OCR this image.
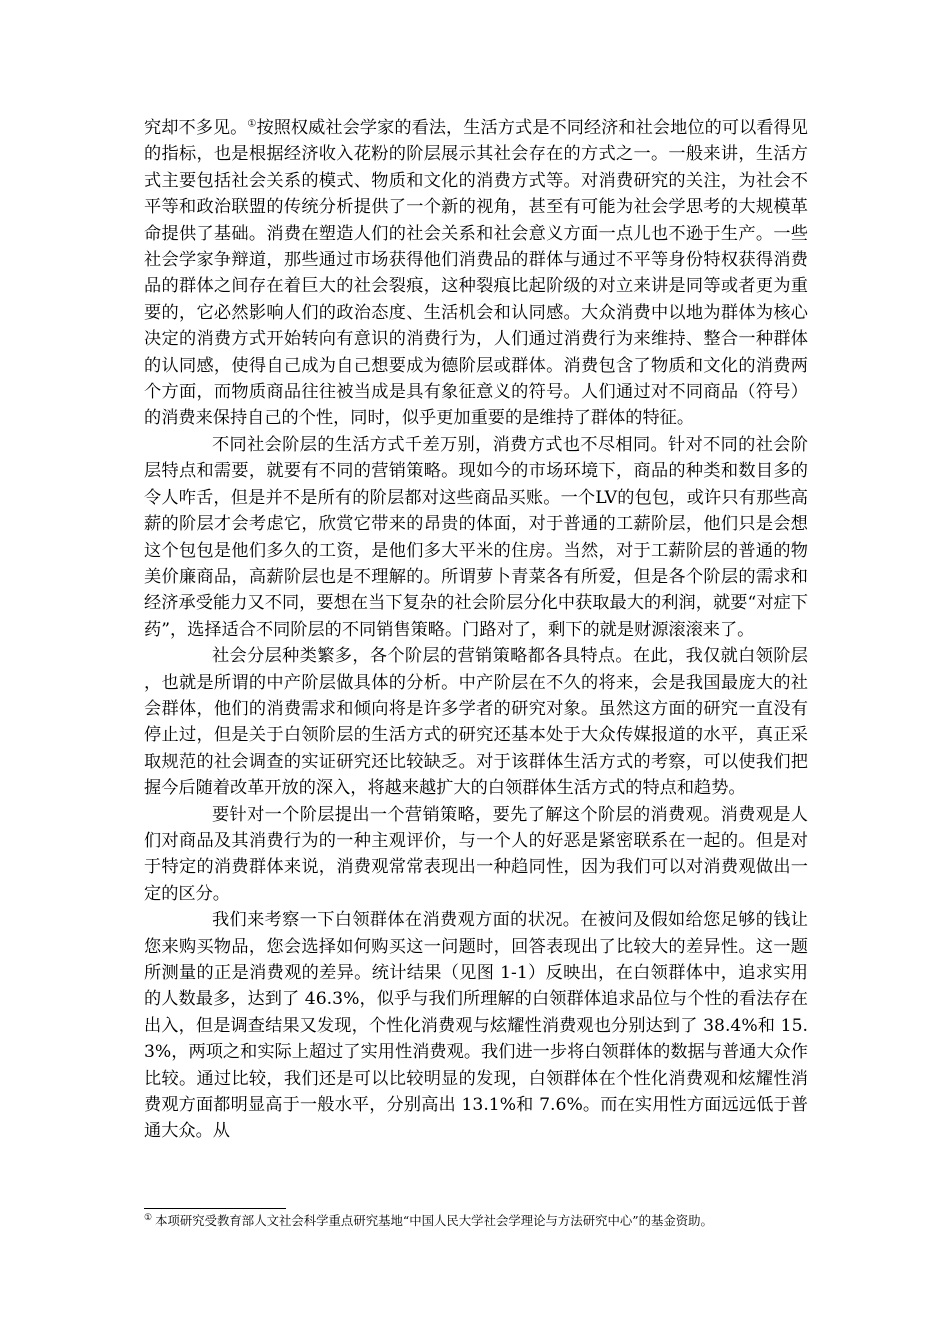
究却不多见。①按照权威社会学家的看法，生活方式是不同经济和社会地位的可以看得见的指标，也是根据经济收入花粉的阶层展示其社会存在的方式之一。一般来讲，生活方式主要包括社会关系的模式、物质和文化的消费方式等。对消费研究的关注，为社会不平等和政治联盟的传统分析提供了一个新的视角，甚至有可能为社会学思考的大规模革命提供了基础。消费在塑造人们的社会关系和社会意义方面一点儿也不逊于生产。一些社会学家争辩道，那些通过市场获得他们消费品的群体与通过不平等身份特权获得消费品的群体之间存在着巨大的社会裂痕，这种裂痕比起阶级的对立来讲是同等或者更为重要的，它必然影响人们的政治态度、生活机会和认同感。大众消费中以地为群体为核心决定的消费方式开始转向有意识的消费行为，人们通过消费行为来维持、整合一种群体的认同感，使得自己成为自己想要成为德阶层或群体。消费包含了物质和文化的消费两个方面，而物质商品往往被当成是具有象征意义的符号。人们通过对不同商品（符号）的消费来保持自己的个性，同时，似乎更加重要的是维持了群体的特征。

不同社会阶层的生活方式千差万别，消费方式也不尽相同。针对不同的社会阶层特点和需要，就要有不同的营销策略。现如今的市场环境下，商品的种类和数目多的令人咋舌，但是并不是所有的阶层都对这些商品买账。一个LV的包包，或许只有那些高薪的阶层才会考虑它，欣赏它带来的昂贵的体面，对于普通的工薪阶层，他们只是会想这个包包是他们多久的工资，是他们多大平米的住房。当然，对于工薪阶层的普通的物美价廉商品，高薪阶层也是不理解的。所谓萝卜青菜各有所爱，但是各个阶层的需求和经济承受能力又不同，要想在当下复杂的社会阶层分化中获取最大的利润，就要“对症下药”，选择适合不同阶层的不同销售策略。门路对了，剩下的就是财源滚滚来了。

社会分层种类繁多，各个阶层的营销策略都各具特点。在此，我仅就白领阶层，也就是所谓的中产阶层做具体的分析。中产阶层在不久的将来，会是我国最庞大的社会群体，他们的消费需求和倾向将是许多学者的研究对象。虽然这方面的研究一直没有停止过，但是关于白领阶层的生活方式的研究还基本处于大众传媒报道的水平，真正采取规范的社会调查的实证研究还比较缺乏。对于该群体生活方式的考察，可以使我们把握今后随着改革开放的深入，将越来越扩大的白领群体生活方式的特点和趋势。

要针对一个阶层提出一个营销策略，要先了解这个阶层的消费观。消费观是人们对商品及其消费行为的一种主观评价，与一个人的好恶是紧密联系在一起的。但是对于特定的消费群体来说，消费观常常表现出一种趋同性，因为我们可以对消费观做出一定的区分。

我们来考察一下白领群体在消费观方面的状况。在被问及假如给您足够的钱让您来购买物品，您会选择如何购买这一问题时，回答表现出了比较大的差异性。这一题所测量的正是消费观的差异。统计结果（见图 1-1）反映出，在白领群体中，追求实用的人数最多，达到了 46.3%，似乎与我们所理解的白领群体追求品位与个性的看法存在出入，但是调查结果又发现，个性化消费观与炫耀性消费观也分别达到了 38.4%和 15.3%，两项之和实际上超过了实用性消费观。我们进一步将白领群体的数据与普通大众作比较。通过比较，我们还是可以比较明显的发现，白领群体在个性化消费观和炫耀性消费观方面都明显高于一般水平，分别高出 13.1%和 7.6%。而在实用性方面远远低于普通大众。从

① 本项研究受教育部人文社会科学重点研究基地“中国人民大学社会学理论与方法研究中心”的基金资助。
